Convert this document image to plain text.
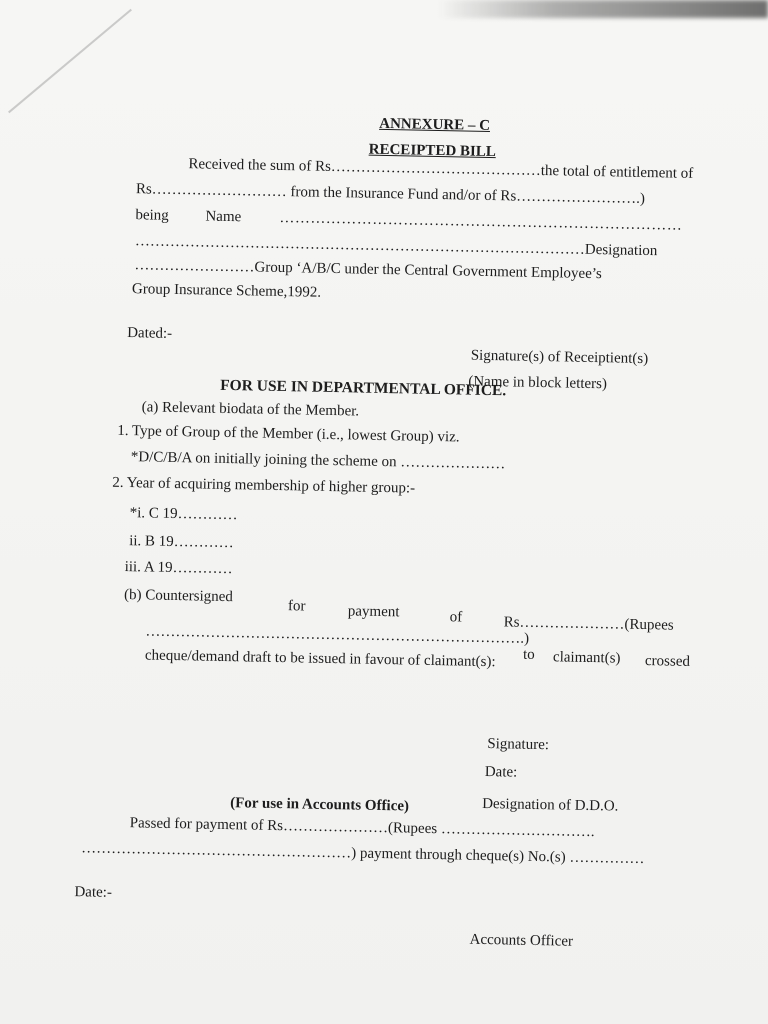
ANNEXURE – C
RECEIPTED BILL
Received the sum of Rs……………………………………the total of entitlement of
Rs……………………… from the Insurance Fund and/or of Rs…………………….)
being Name	……………………………………………………………………
………………………………………………………………………………Designation
……………………Group ‘A/B/C under the Central Government Employee’s
Group Insurance Scheme,1992.
Dated:-
Signature(s) of Receiptient(s)
(Name in block letters)
FOR USE IN DEPARTMENTAL OFFICE.
(a) Relevant biodata of the Member.
1. Type of Group of the Member (i.e., lowest Group) viz.
*D/C/B/A on initially joining the scheme on …………………
2. Year of acquiring membership of higher group:-
*i. C 19…………
ii. B 19…………
iii. A 19…………
(b) Countersigned
for	payment	of	Rs…………………(Rupees
………………………………………………………………….)
to claimant(s) crossed
cheque/demand draft to be issued in favour of claimant(s):
Signature:
Date:
Designation of D.D.O.
(For use in Accounts Office)
Passed for payment of Rs…………………(Rupees ………………………….
………………………………………………) payment through cheque(s) No.(s) ……………
Date:-
Accounts Officer
